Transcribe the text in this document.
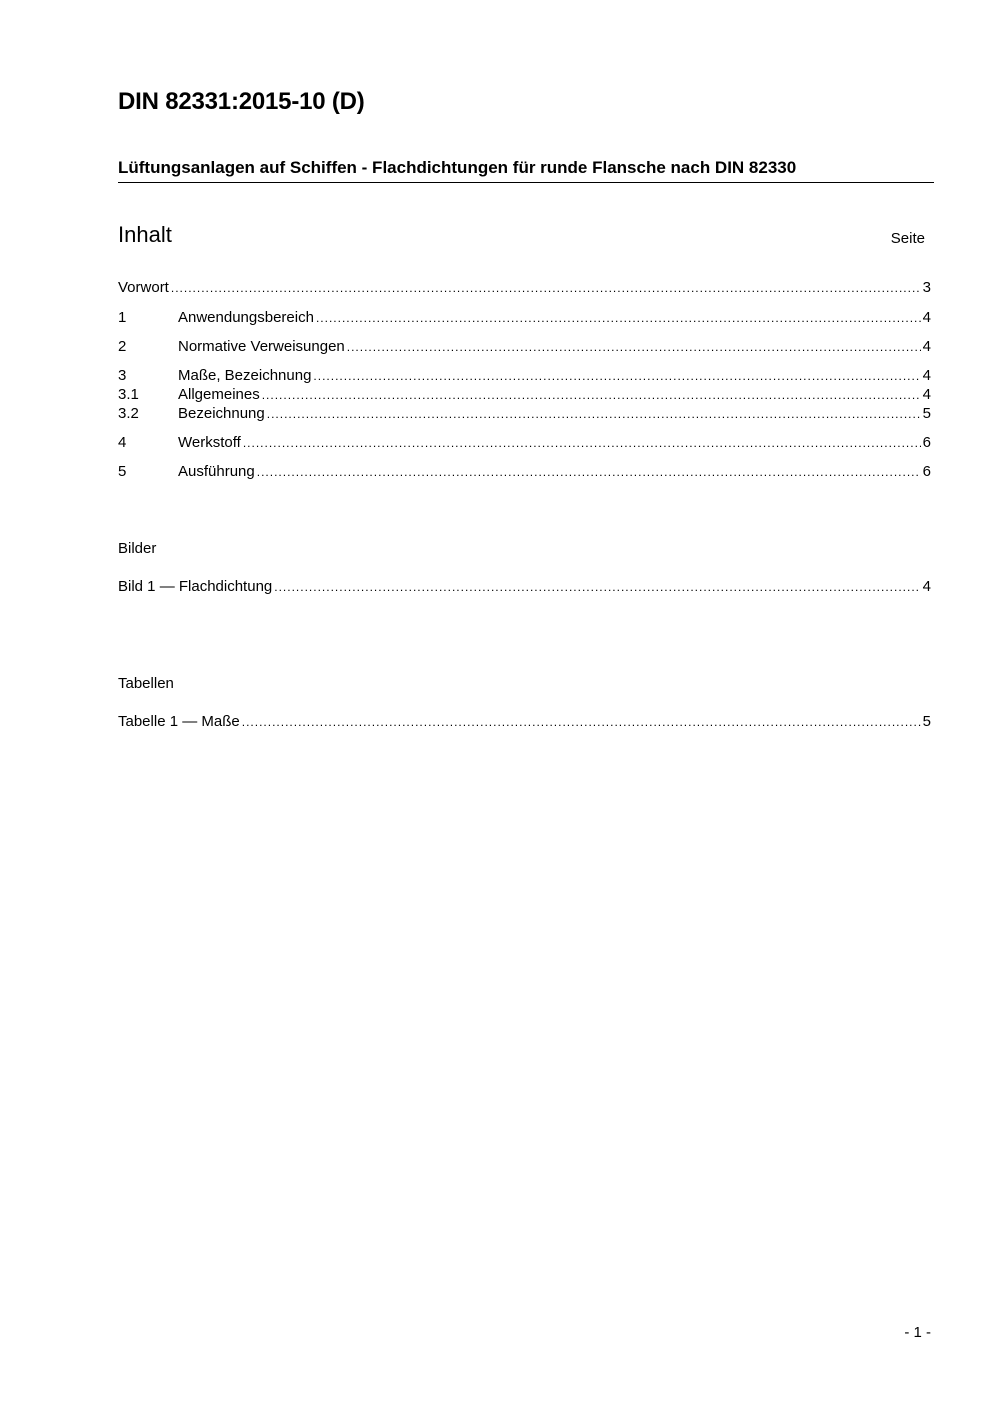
DIN 82331:2015-10 (D)
Lüftungsanlagen auf Schiffen - Flachdichtungen für runde Flansche nach DIN 82330
Inhalt	Seite
Vorwort .....	3
1	Anwendungsbereich .....	4
2	Normative Verweisungen .....	4
3	Maße, Bezeichnung .....	4
3.1	Allgemeines .....	4
3.2	Bezeichnung .....	5
4	Werkstoff .....	6
5	Ausführung .....	6
Bilder
Bild 1 — Flachdichtung .....	4
Tabellen
Tabelle 1 — Maße .....	5
- 1 -
